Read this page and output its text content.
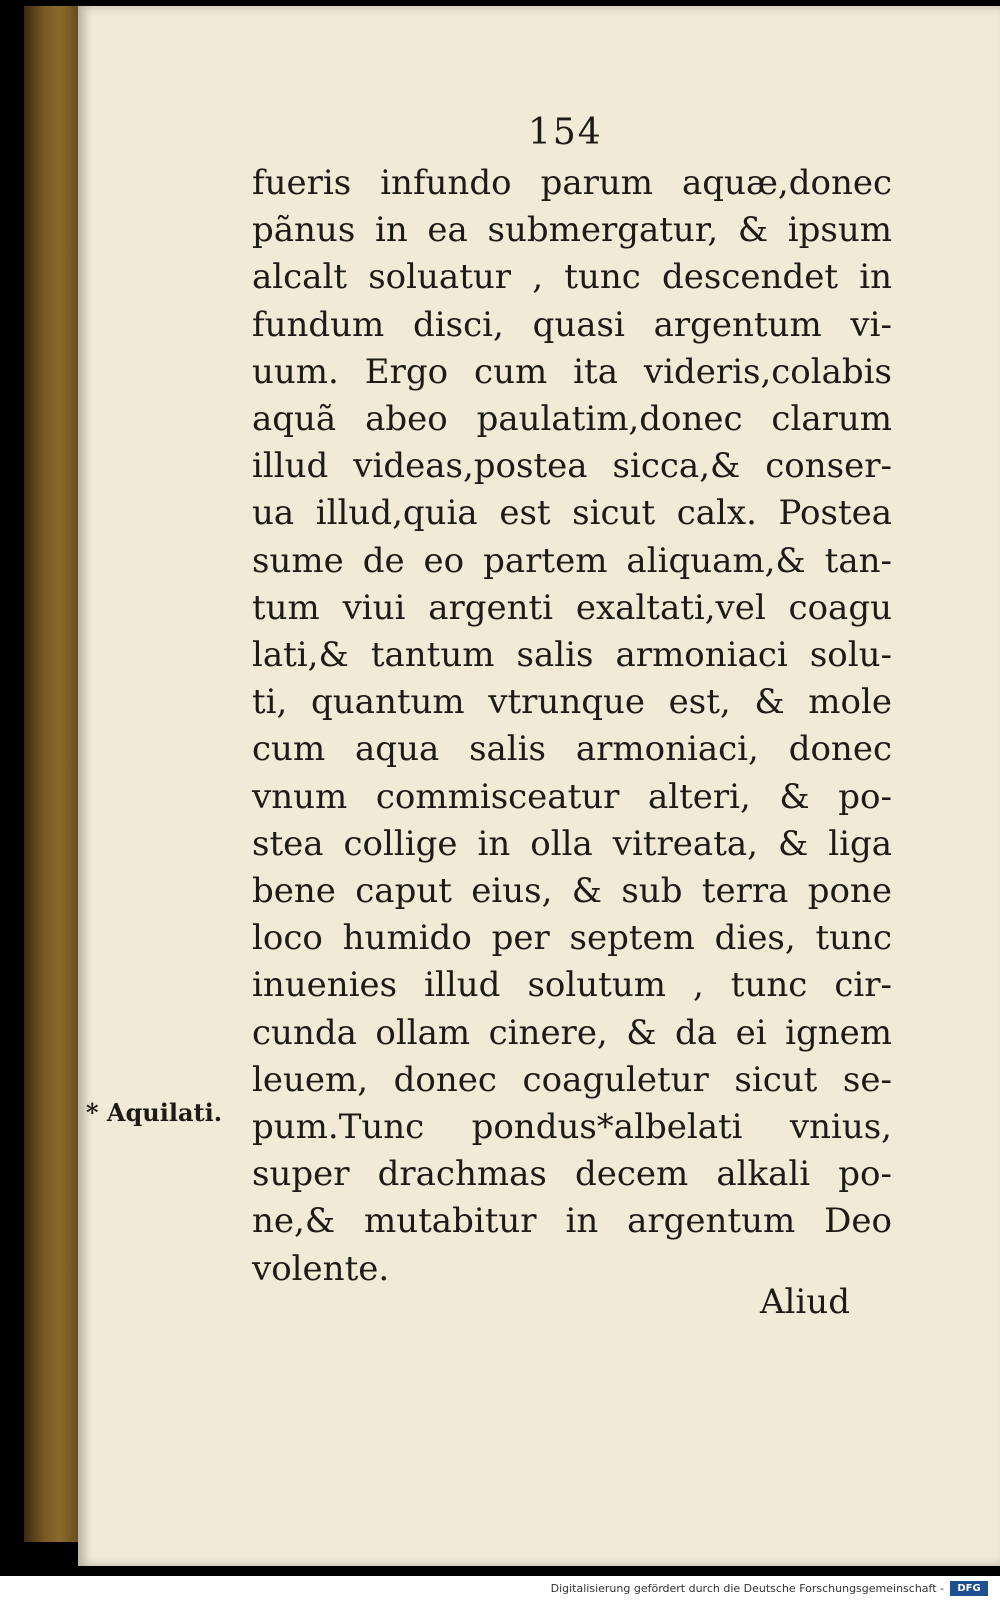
154
fueris infundo parum aquæ,donec
pãnus in ea submergatur, & ipsum
alcalt soluatur , tunc descendet in
fundum disci, quasi argentum vi-
uum. Ergo cum ita videris,colabis
aquã abeo paulatim,donec clarum
illud videas,postea sicca,& conser-
ua illud,quia est sicut calx. Postea
sume de eo partem aliquam,& tan-
tum viui argenti exaltati,vel coagu
lati,& tantum salis armoniaci solu-
ti, quantum vtrunque est, & mole
cum aqua salis armoniaci, donec
vnum commisceatur alteri, & po-
stea collige in olla vitreata, & liga
bene caput eius, & sub terra pone
loco humido per septem dies, tunc
inuenies illud solutum , tunc cir-
cunda ollam cinere, & da ei ignem
leuem, donec coaguletur sicut se-
pum.Tunc pondus*albelati vnius,
super drachmas decem alkali po-
ne,& mutabitur in argentum Deo
volente.
* Aquilati.
Aliud
Digitalisierung gefördert durch die Deutsche Forschungsgemeinschaft -	DFG
